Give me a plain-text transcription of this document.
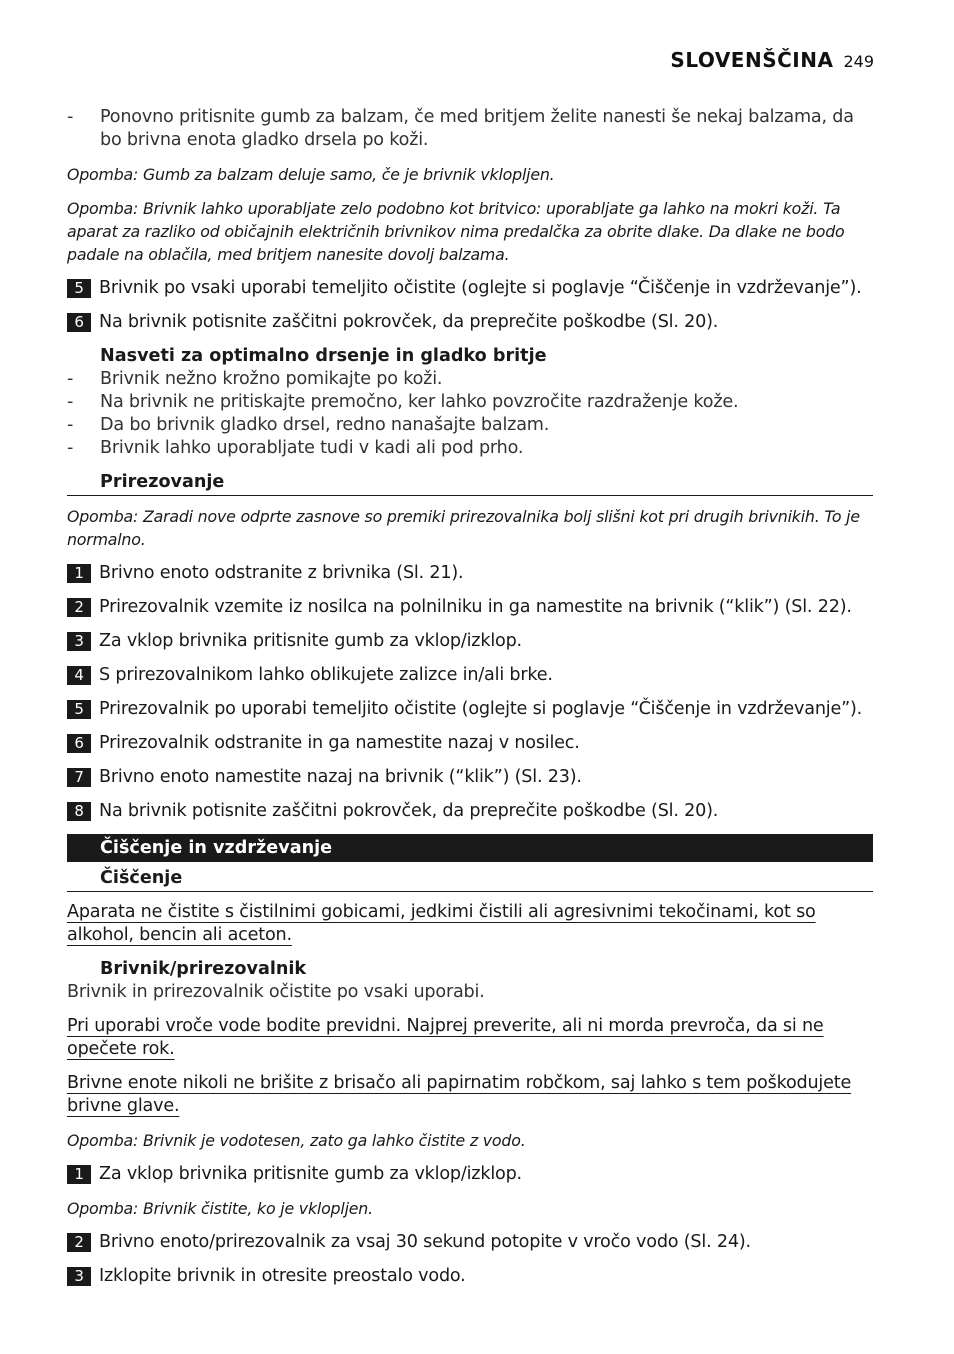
SLOVENŠČINA 249
-	Ponovno pritisnite gumb za balzam, če med britjem želite nanesti še nekaj balzama, da bo brivna enota gladko drsela po koži.

Opomba: Gumb za balzam deluje samo, če je brivnik vklopljen.

Opomba: Brivnik lahko uporabljate zelo podobno kot britvico: uporabljate ga lahko na mokri koži. Ta aparat za razliko od običajnih električnih brivnikov nima predalčka za obrite dlake. Da dlake ne bodo padale na oblačila, med britjem nanesite dovolj balzama.

5 Brivnik po vsaki uporabi temeljito očistite (oglejte si poglavje “Čiščenje in vzdrževanje”).
6 Na brivnik potisnite zaščitni pokrovček, da preprečite poškodbe (Sl. 20).

Nasveti za optimalno drsenje in gladko britje

-	Brivnik nežno krožno pomikajte po koži.
-	Na brivnik ne pritiskajte premočno, ker lahko povzročite razdraženje kože.
-	Da bo brivnik gladko drsel, redno nanašajte balzam.
-	Brivnik lahko uporabljate tudi v kadi ali pod prho.

Prirezovanje

Opomba: Zaradi nove odprte zasnove so premiki prirezovalnika bolj slišni kot pri drugih brivnikih. To je normalno.

1 Brivno enoto odstranite z brivnika (Sl. 21).
2 Prirezovalnik vzemite iz nosilca na polnilniku in ga namestite na brivnik (“klik”) (Sl. 22).
3 Za vklop brivnika pritisnite gumb za vklop/izklop.
4 S prirezovalnikom lahko oblikujete zalizce in/ali brke.
5 Prirezovalnik po uporabi temeljito očistite (oglejte si poglavje “Čiščenje in vzdrževanje”).
6 Prirezovalnik odstranite in ga namestite nazaj v nosilec.
7 Brivno enoto namestite nazaj na brivnik (“klik”) (Sl. 23).
8 Na brivnik potisnite zaščitni pokrovček, da preprečite poškodbe (Sl. 20).
Čiščenje in vzdrževanje

Čiščenje

Aparata ne čistite s čistilnimi gobicami, jedkimi čistili ali agresivnimi tekočinami, kot so alkohol, bencin ali aceton.

Brivnik/prirezovalnik

Brivnik in prirezovalnik očistite po vsaki uporabi.

Pri uporabi vroče vode bodite previdni. Najprej preverite, ali ni morda prevroča, da si ne opečete rok.

Brivne enote nikoli ne brišite z brisačo ali papirnatim robčkom, saj lahko s tem poškodujete brivne glave.

Opomba: Brivnik je vodotesen, zato ga lahko čistite z vodo.

1 Za vklop brivnika pritisnite gumb za vklop/izklop.

Opomba: Brivnik čistite, ko je vklopljen.

2 Brivno enoto/prirezovalnik za vsaj 30 sekund potopite v vročo vodo (Sl. 24).
3 Izklopite brivnik in otresite preostalo vodo.
